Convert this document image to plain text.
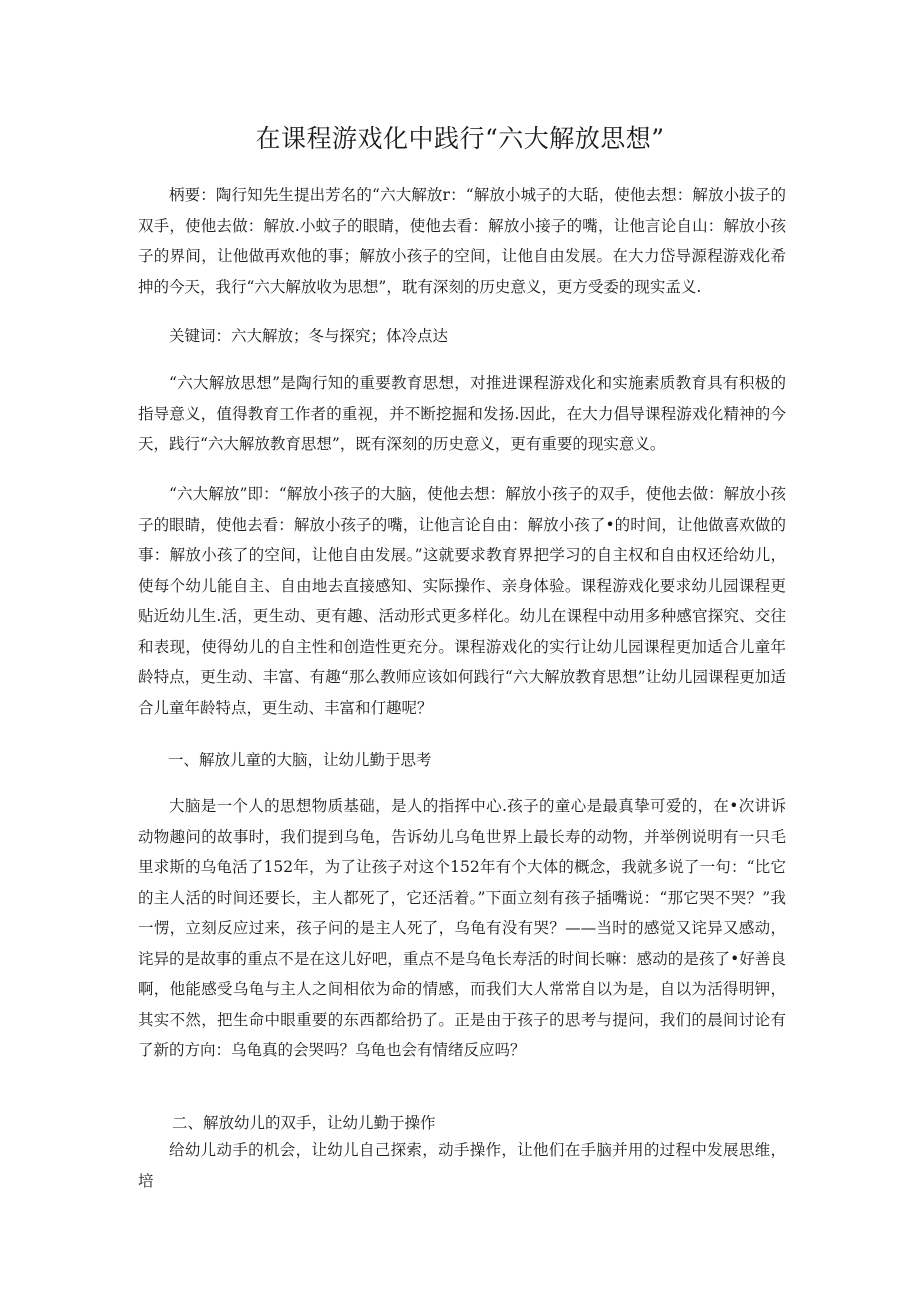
在课程游戏化中践行“六大解放思想”

柄要：陶行知先生提出芳名的“六大解放r：“解放小城子的大聒，使他去想：解放小拔子的双手，使他去做：解放.小蚊子的眼睛，使他去看：解放小接子的嘴，让他言论自山：解放小孩子的界间，让他做再欢他的事；解放小孩子的空间，让他自由发展。在大力岱导源程游戏化希抻的今天，我行“六大解放收为思想”，耽有深刻的历史意义，更方受委的现实孟义.

关键词：六大解放；冬与探究；体冷点达

“六大解放思想”是陶行知的重要教育思想，对推进课程游戏化和实施素质教育具有积极的指导意义，值得教育工作者的重视，并不断挖掘和发扬.因此，在大力倡导课程游戏化精神的今天，践行“六大解放教育思想”，既有深刻的历史意义，更有重要的现实意义。

“六大解放”即：“解放小孩子的大脑，使他去想：解放小孩子的双手，使他去做：解放小孩子的眼睛，使他去看：解放小孩子的嘴，让他言论自由：解放小孩了•的时间，让他做喜欢做的事：解放小孩了的空间，让他自由发展。”这就要求教育界把学习的自主权和自由权还给幼儿，使每个幼儿能自主、自由地去直接感知、实际操作、亲身体验。课程游戏化要求幼儿园课程更贴近幼儿生.活，更生动、更有趣、活动形式更多样化。幼儿在课程中动用多种感官探究、交往和表现，使得幼儿的自主性和创造性更充分。课程游戏化的实行让幼儿园课程更加适合儿童年龄特点，更生动、丰富、有趣“那么教师应该如何践行“六大解放教育思想”让幼儿园课程更加适合儿童年龄特点，更生动、丰富和仃趣呢？

一、解放儿童的大脑，让幼儿勤于思考

大脑是一个人的思想物质基础，是人的指挥中心.孩子的童心是最真挚可爱的，在•次讲诉动物趣问的故事时，我们提到乌龟，告诉幼儿乌龟世界上最长寿的动物，并举例说明有一只毛里求斯的乌龟活了152年，为了让孩子对这个152年有个大体的概念，我就多说了一句：“比它的主人活的时间还要长，主人都死了，它还活着。”下面立刻有孩子插嘴说：“那它哭不哭？”我一愣，立刻反应过来，孩子问的是主人死了，乌龟有没有哭？——当时的感觉又诧异又感动，诧异的是故事的重点不是在这儿好吧，重点不是乌龟长寿活的时间长嘛：感动的是孩了•好善良啊，他能感受乌龟与主人之间相依为命的情感，而我们大人常常自以为是，自以为活得明钾，其实不然，把生命中眼重要的东西都给扔了。正是由于孩子的思考与提问，我们的晨间讨论有了新的方向：乌龟真的会哭吗？乌龟也会有情绪反应吗？

二、解放幼儿的双手，让幼儿勤于操作

给幼儿动手的机会，让幼儿自己探索，动手操作，让他们在手脑并用的过程中发展思维，培
